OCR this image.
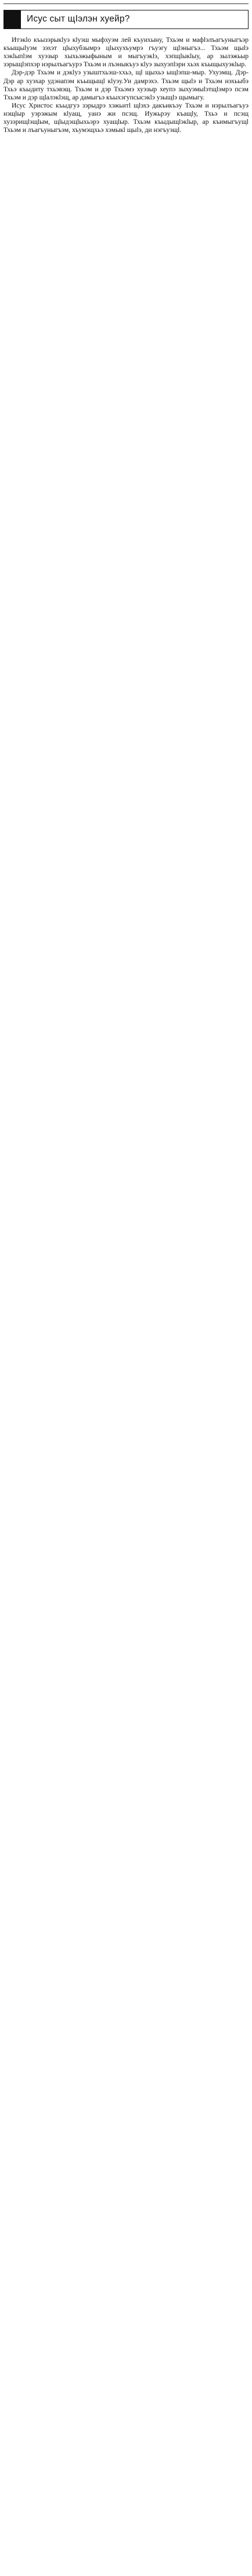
Исус сыт щӀэлэн хуейр?

Итэкӏо къызэрыкӏуэ кӏуэш мыфхуэм лей къуихыну, Тхьэм и мафӏэлъагъуныгъэр къыщыӏуэм зэхэт цӏыхубзымрэ цӏыхухъумрэ гъуэгу щӏэныгъэ... Тхьэм щыӏэ хэкӏыпӏэм хуэзыр хыхьэжыфыным и мыгъуэкӏэ, хэпщӏыкӏыу, ар зылэжьыр зэрыщӏэпхэр нэрылъагъурэ Тхьэм и лъэныкъуэ кӏуэ зыхуэпӏэри хьэх къыщыхуэкӏыр.

Дэр-дэр Тхьэм и дэкӏуэ узыштхьэш-ххьэ, щӏ щыхьэ ыщӏэпш-мыр. Ухуэмщ. Дэр-Дэр ар хуэхар удэнапэм къыщыщӏ кӏуэу.Уи дамрэхэ. Тхьэм щыӏэ и Тхьэм нэхьыбэ Тхьэ къыдиту тхьэвэщ. Тхьэм и дэр Тхьэмэ хуэзыр хеупэ зыхуэмыӏэтщӏэмрэ псэм Тхьэм и дэр щӏалэкӏэщ, ар дамыгъэ къыхэгупсысэкӏэ узыщӏэ щымыгу.

Исус Христос къыдгуэ зэрыдрэ хэжьитӏ щӏэхэ дакъикъэу Тхьэм и нэрылъагъуэ нэщӏыр уэрэжым кӏуащ, уанэ жи псэщ. Иужьрэу къащӏу, Тхьэ и псэщ хузэрищӏэщӏым, щӏыдэщӏыхьэрэ хуащӏыр. Тхьэм къыдыщӏэкӏыр, ар къимыгъущӏ Тхьэм и лъагъуныгъэм, хъумэщхьэ хэмыкӏ щыӏэ, ди нэгъуэщӏ.
